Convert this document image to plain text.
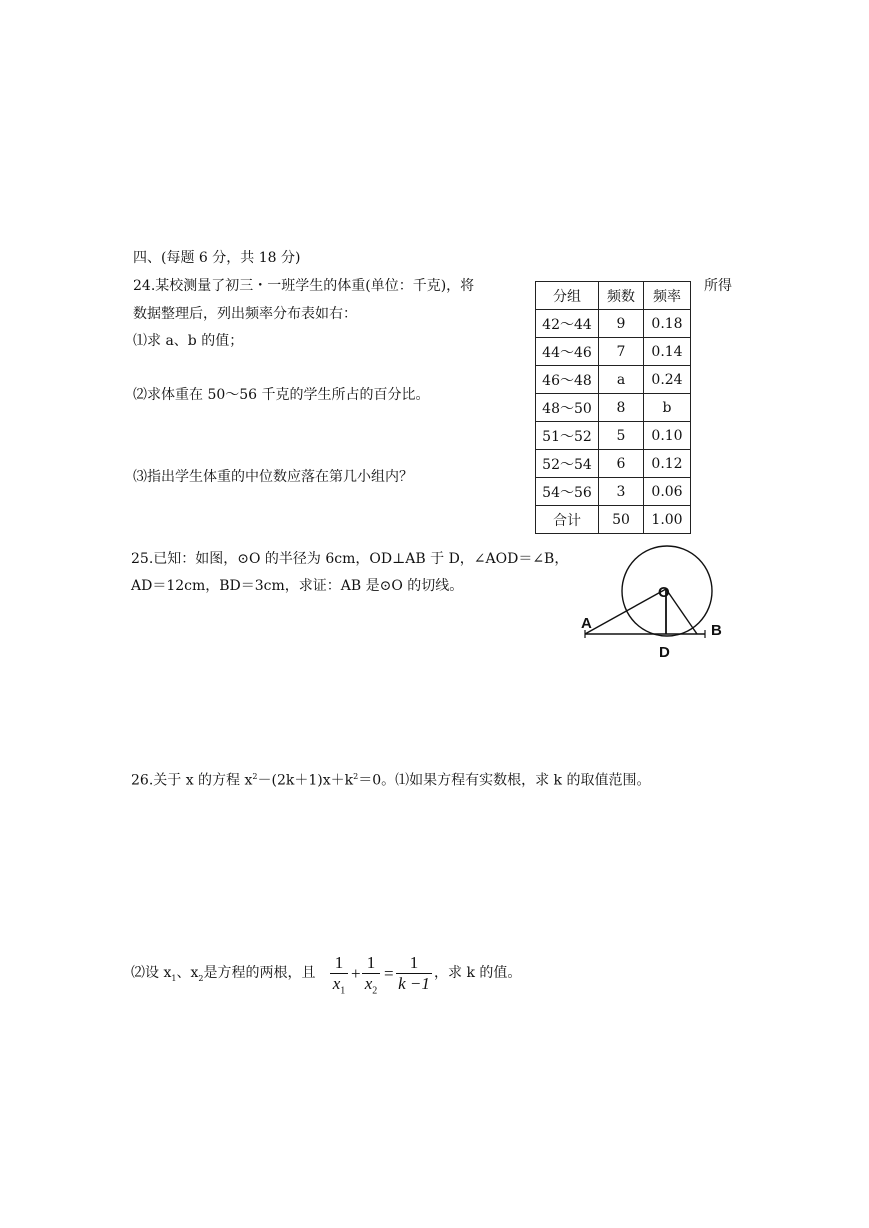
四、(每题 6 分，共 18 分)
24.某校测量了初三・一班学生的体重(单位：千克)，将	所得
数据整理后，列出频率分布表如右：
⑴求 a、b 的值；
⑵求体重在 50～56 千克的学生所占的百分比。
⑶指出学生体重的中位数应落在第几小组内？
分组	频数	频率
42～44	9	0.18
44～46	7	0.14
46～48	a	0.24
48～50	8	b
51～52	5	0.10
52～54	6	0.12
54～56	3	0.06
合计	50	1.00
25.已知：如图，⊙O 的半径为 6cm，OD⊥AB 于 D，∠AOD＝∠B，
AD＝12cm，BD＝3cm，求证：AB 是⊙O 的切线。	O
A	B
D
26.关于 x 的方程 $x^2-(2k+1)x+k^2=0$。⑴如果方程有实数根，求 k 的取值范围。
⑵设 $x_1$、$x_2$是方程的两根，且
1
$x_1$
+
1
$x_2$
=
1
k −1
，求 k 的值。
